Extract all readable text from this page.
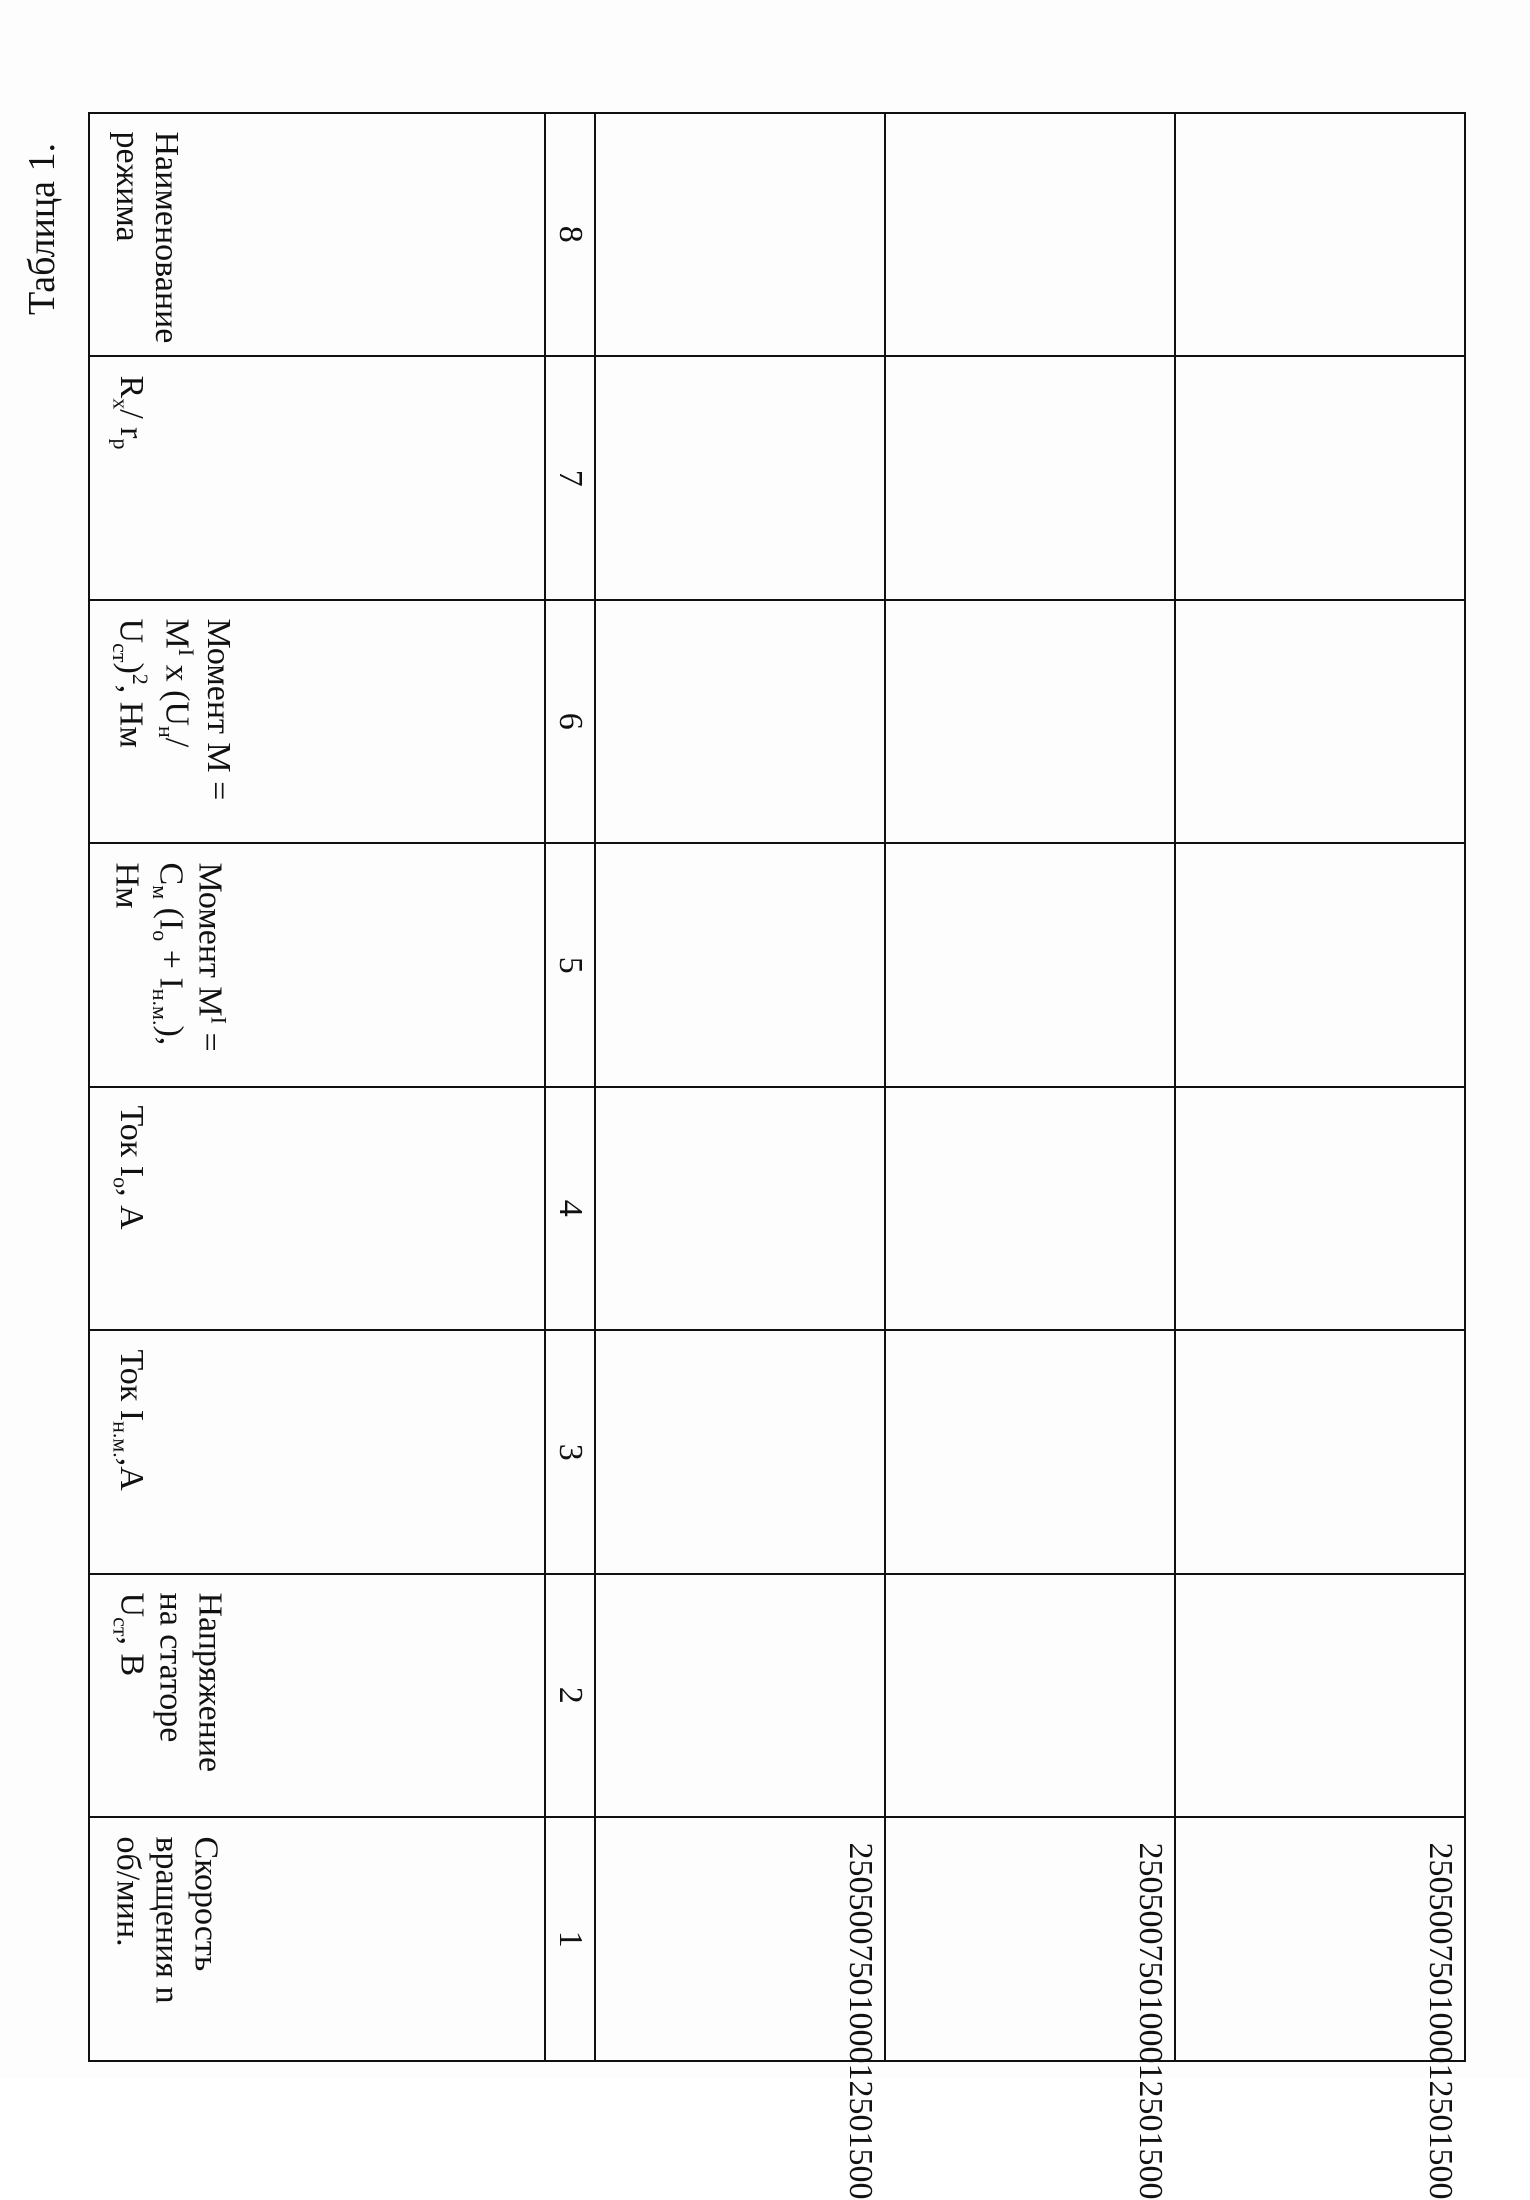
Таблица 1.
Скорость вращения n об/мин.	Напряжение на статоре $U_{ст}$, В	Ток $I_{н.м.},А$	Ток $I_o$, А	Момент $M^I = C_м$ $(I_o + I_{н.м.})$, Нм	Момент $M = M^I$ x ($U_н/$ $U_{ст})^2$, Нм	$R_x/$ $r_p$	Наименование режима

1	2	3	4	5	6	7	8

250500750100012501500							

250500750100012501500							

250500750100012501500							
